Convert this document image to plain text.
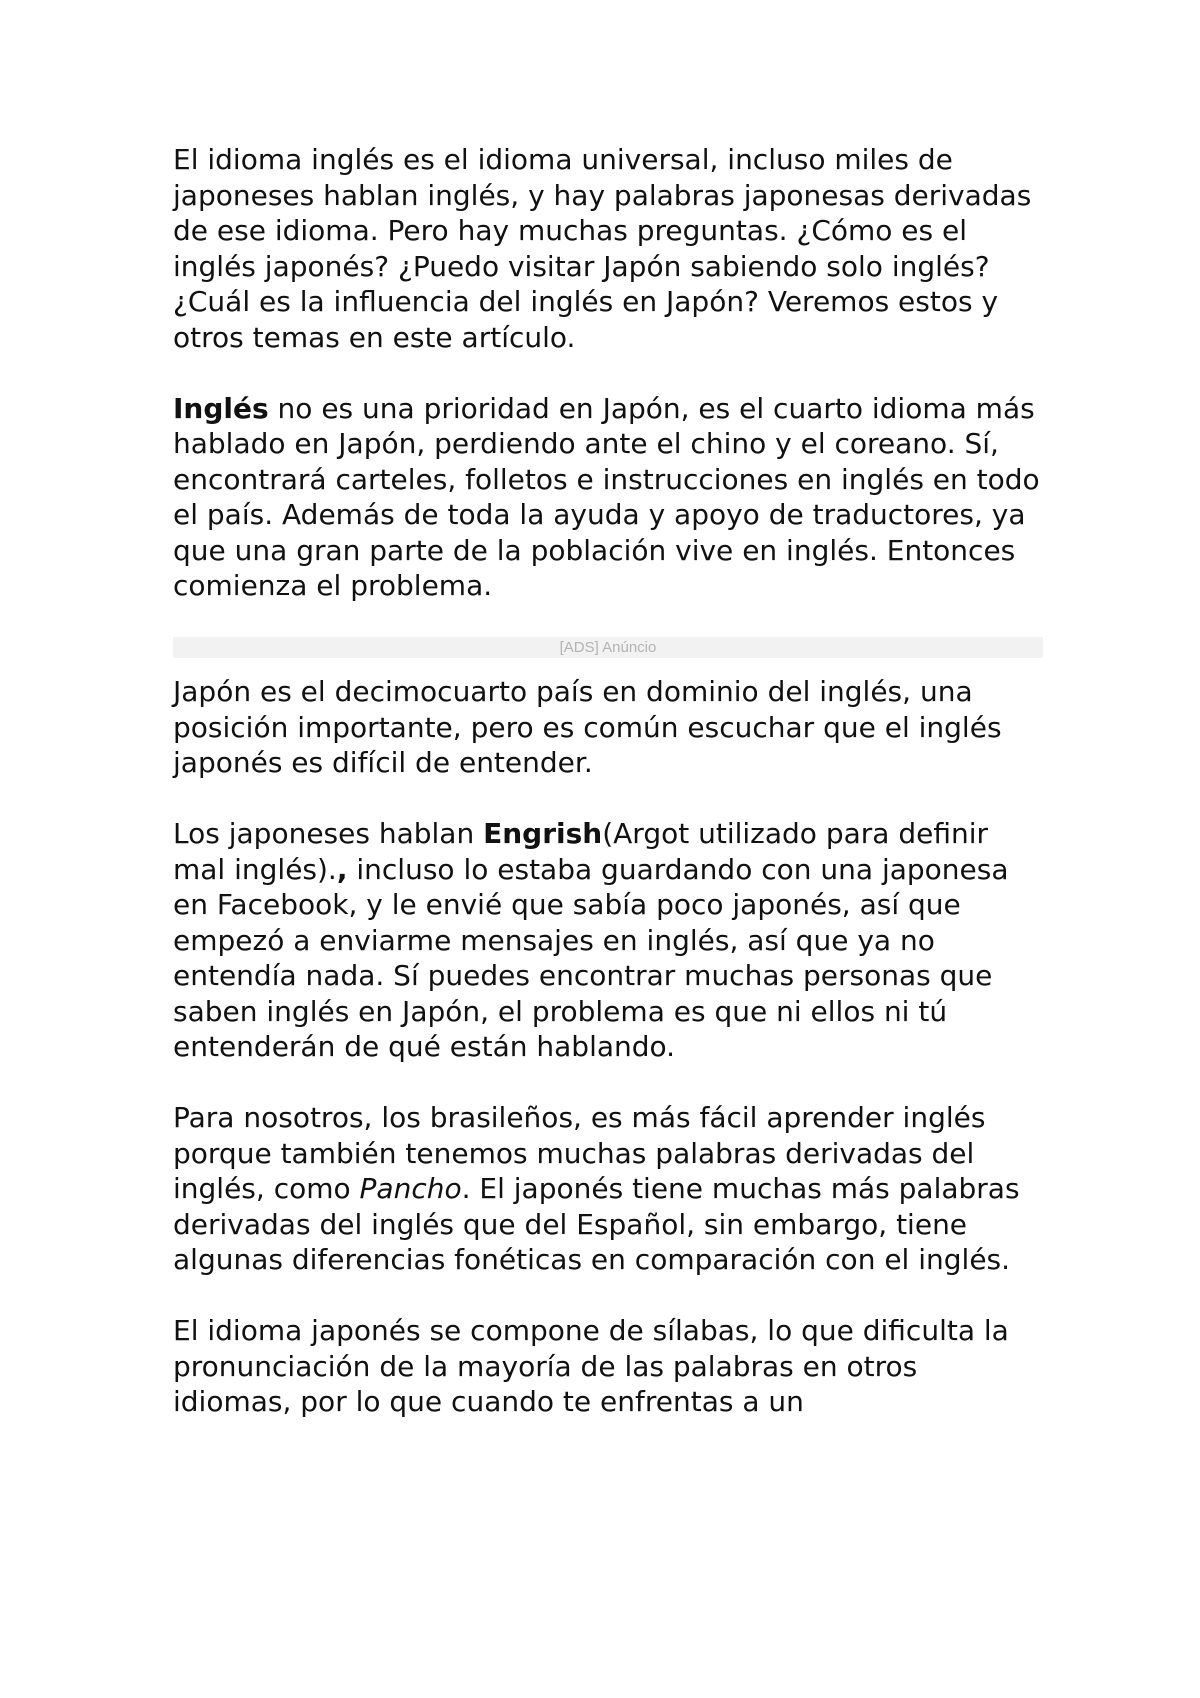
El idioma inglés es el idioma universal, incluso miles de japoneses hablan inglés, y hay palabras japonesas derivadas de ese idioma. Pero hay muchas preguntas. ¿Cómo es el inglés japonés? ¿Puedo visitar Japón sabiendo solo inglés? ¿Cuál es la influencia del inglés en Japón? Veremos estos y otros temas en este artículo.

Inglés no es una prioridad en Japón, es el cuarto idioma más hablado en Japón, perdiendo ante el chino y el coreano. Sí, encontrará carteles, folletos e instrucciones en inglés en todo el país. Además de toda la ayuda y apoyo de traductores, ya que una gran parte de la población vive en inglés. Entonces comienza el problema.

[ADS] Anúncio

Japón es el decimocuarto país en dominio del inglés, una posición importante, pero es común escuchar que el inglés japonés es difícil de entender.

Los japoneses hablan Engrish(Argot utilizado para definir mal inglés)., incluso lo estaba guardando con una japonesa en Facebook, y le envié que sabía poco japonés, así que empezó a enviarme mensajes en inglés, así que ya no entendía nada. Sí puedes encontrar muchas personas que saben inglés en Japón, el problema es que ni ellos ni tú entenderán de qué están hablando.

Para nosotros, los brasileños, es más fácil aprender inglés porque también tenemos muchas palabras derivadas del inglés, como Pancho. El japonés tiene muchas más palabras derivadas del inglés que del Español, sin embargo, tiene algunas diferencias fonéticas en comparación con el inglés.

El idioma japonés se compone de sílabas, lo que dificulta la pronunciación de la mayoría de las palabras en otros idiomas, por lo que cuando te enfrentas a un
